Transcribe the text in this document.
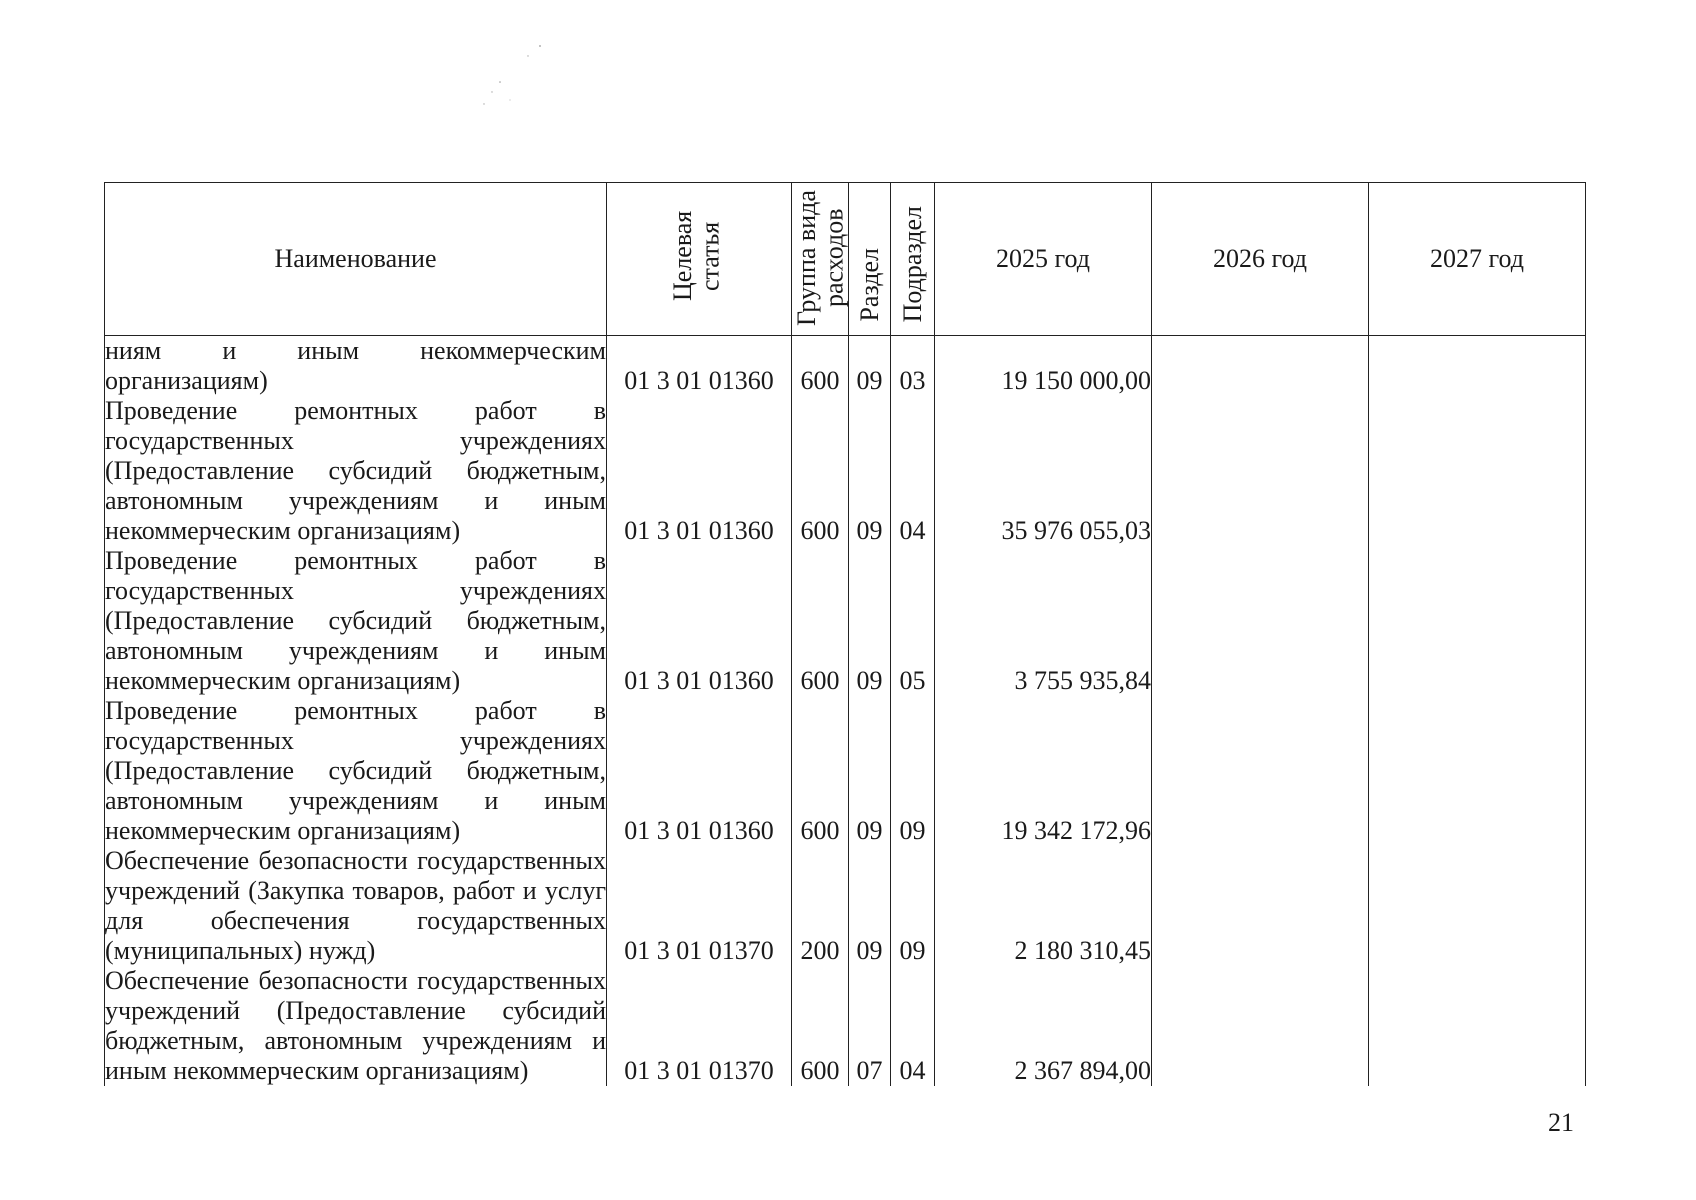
Наименование	Целевая статья	Группа вида расходов	Раздел	Подраздел	2025 год	2026 год	2027 год
ниям и иным некоммерческим организациям)	01 3 01 01360	600	09	03	19 150 000,00		
Проведение ремонтных работ в государственных учреждениях (Предоставление субсидий бюджетным, автономным учреждениям и иным некоммерческим организациям)	01 3 01 01360	600	09	04	35 976 055,03		
Проведение ремонтных работ в государственных учреждениях (Предоставление субсидий бюджетным, автономным учреждениям и иным некоммерческим организациям)	01 3 01 01360	600	09	05	3 755 935,84		
Проведение ремонтных работ в государственных учреждениях (Предоставление субсидий бюджетным, автономным учреждениям и иным некоммерческим организациям)	01 3 01 01360	600	09	09	19 342 172,96		
Обеспечение безопасности государственных учреждений (Закупка товаров, работ и услуг для обеспечения государственных (муниципальных) нужд)	01 3 01 01370	200	09	09	2 180 310,45		
Обеспечение безопасности государственных учреждений (Предоставление субсидий бюджетным, автономным учреждениям и иным некоммерческим организациям)	01 3 01 01370	600	07	04	2 367 894,00		
21
